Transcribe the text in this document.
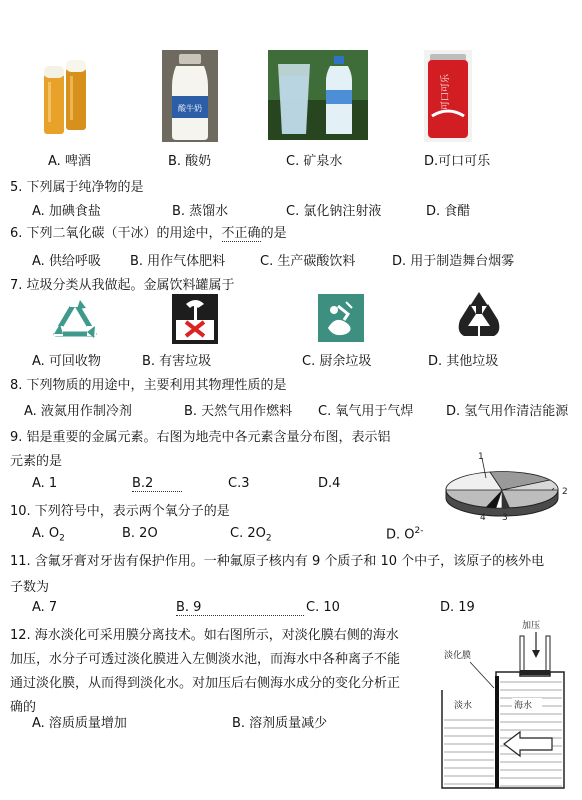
酸牛奶	可口可乐
A. 啤酒	B. 酸奶	C. 矿泉水	D.可口可乐
5. 下列属于纯净物的是
A. 加碘食盐	B. 蒸馏水	C. 氯化钠注射液	D. 食醋
6. 下列二氧化碳（干冰）的用途中，不正确的是
A. 供给呼吸 B. 用作气体肥料	C. 生产碳酸饮料	D. 用于制造舞台烟雾
7. 垃圾分类从我做起。金属饮料罐属于
A. 可回收物	B. 有害垃圾	C. 厨余垃圾	D. 其他垃圾
8. 下列物质的用途中，主要利用其物理性质的是
A. 液氮用作制冷剂	B. 天然气用作燃料 C. 氧气用于气焊	D. 氢气用作清洁能源
9. 铝是重要的金属元素。右图为地壳中各元素含量分布图，表示铝
元素的是
A. 1	B.2	C.3	D.4
1
2
3
4
10. 下列符号中，表示两个氧分子的是
A. $O_2$	B. 2O	C. $2O_2$	D. $O^{2-}$
11. 含氟牙膏对牙齿有保护作用。一种氟原子核内有 9 个质子和 10 个中子，该原子的核外电
子数为
A. 7	B. 9	C. 10	D. 19
12. 海水淡化可采用膜分离技术。如右图所示，对淡化膜右侧的海水
加压，水分子可透过淡化膜进入左侧淡水池，而海水中各种离子不能
通过淡化膜，从而得到淡化水。对加压后右侧海水成分的变化分析正
确的
A. 溶质质量增加	B. 溶剂质量减少
加压
淡化膜
淡水	海水
